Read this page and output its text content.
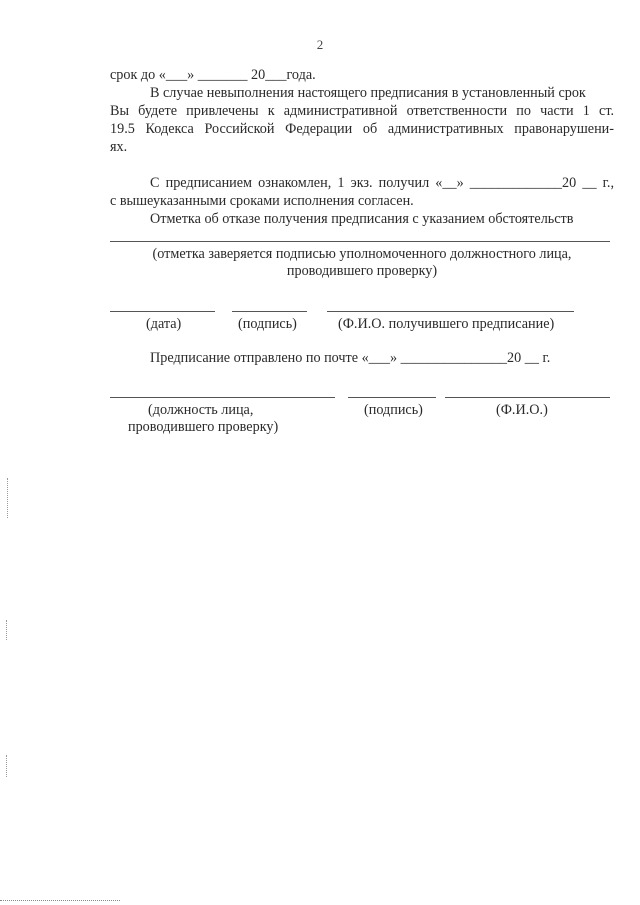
2
срок до «___» _______ 20___года.
В случае невыполнения настоящего предписания в установленный срок
Вы будете привлечены к административной ответственности по части 1 ст.
19.5 Кодекса Российской Федерации об административных правонарушени-
ях.
С предписанием ознакомлен, 1 экз. получил «__» _____________20 __ г.,
с вышеуказанными сроками исполнения согласен.
Отметка об отказе получения предписания с указанием обстоятельств
(отметка заверяется подписью уполномоченного должностного лица,
проводившего проверку)
(дата)	(подпись)	(Ф.И.О. получившего предписание)
Предписание отправлено по почте «___» _______________20 __ г.
(должность лица,
проводившего проверку)
(подпись)	(Ф.И.О.)
